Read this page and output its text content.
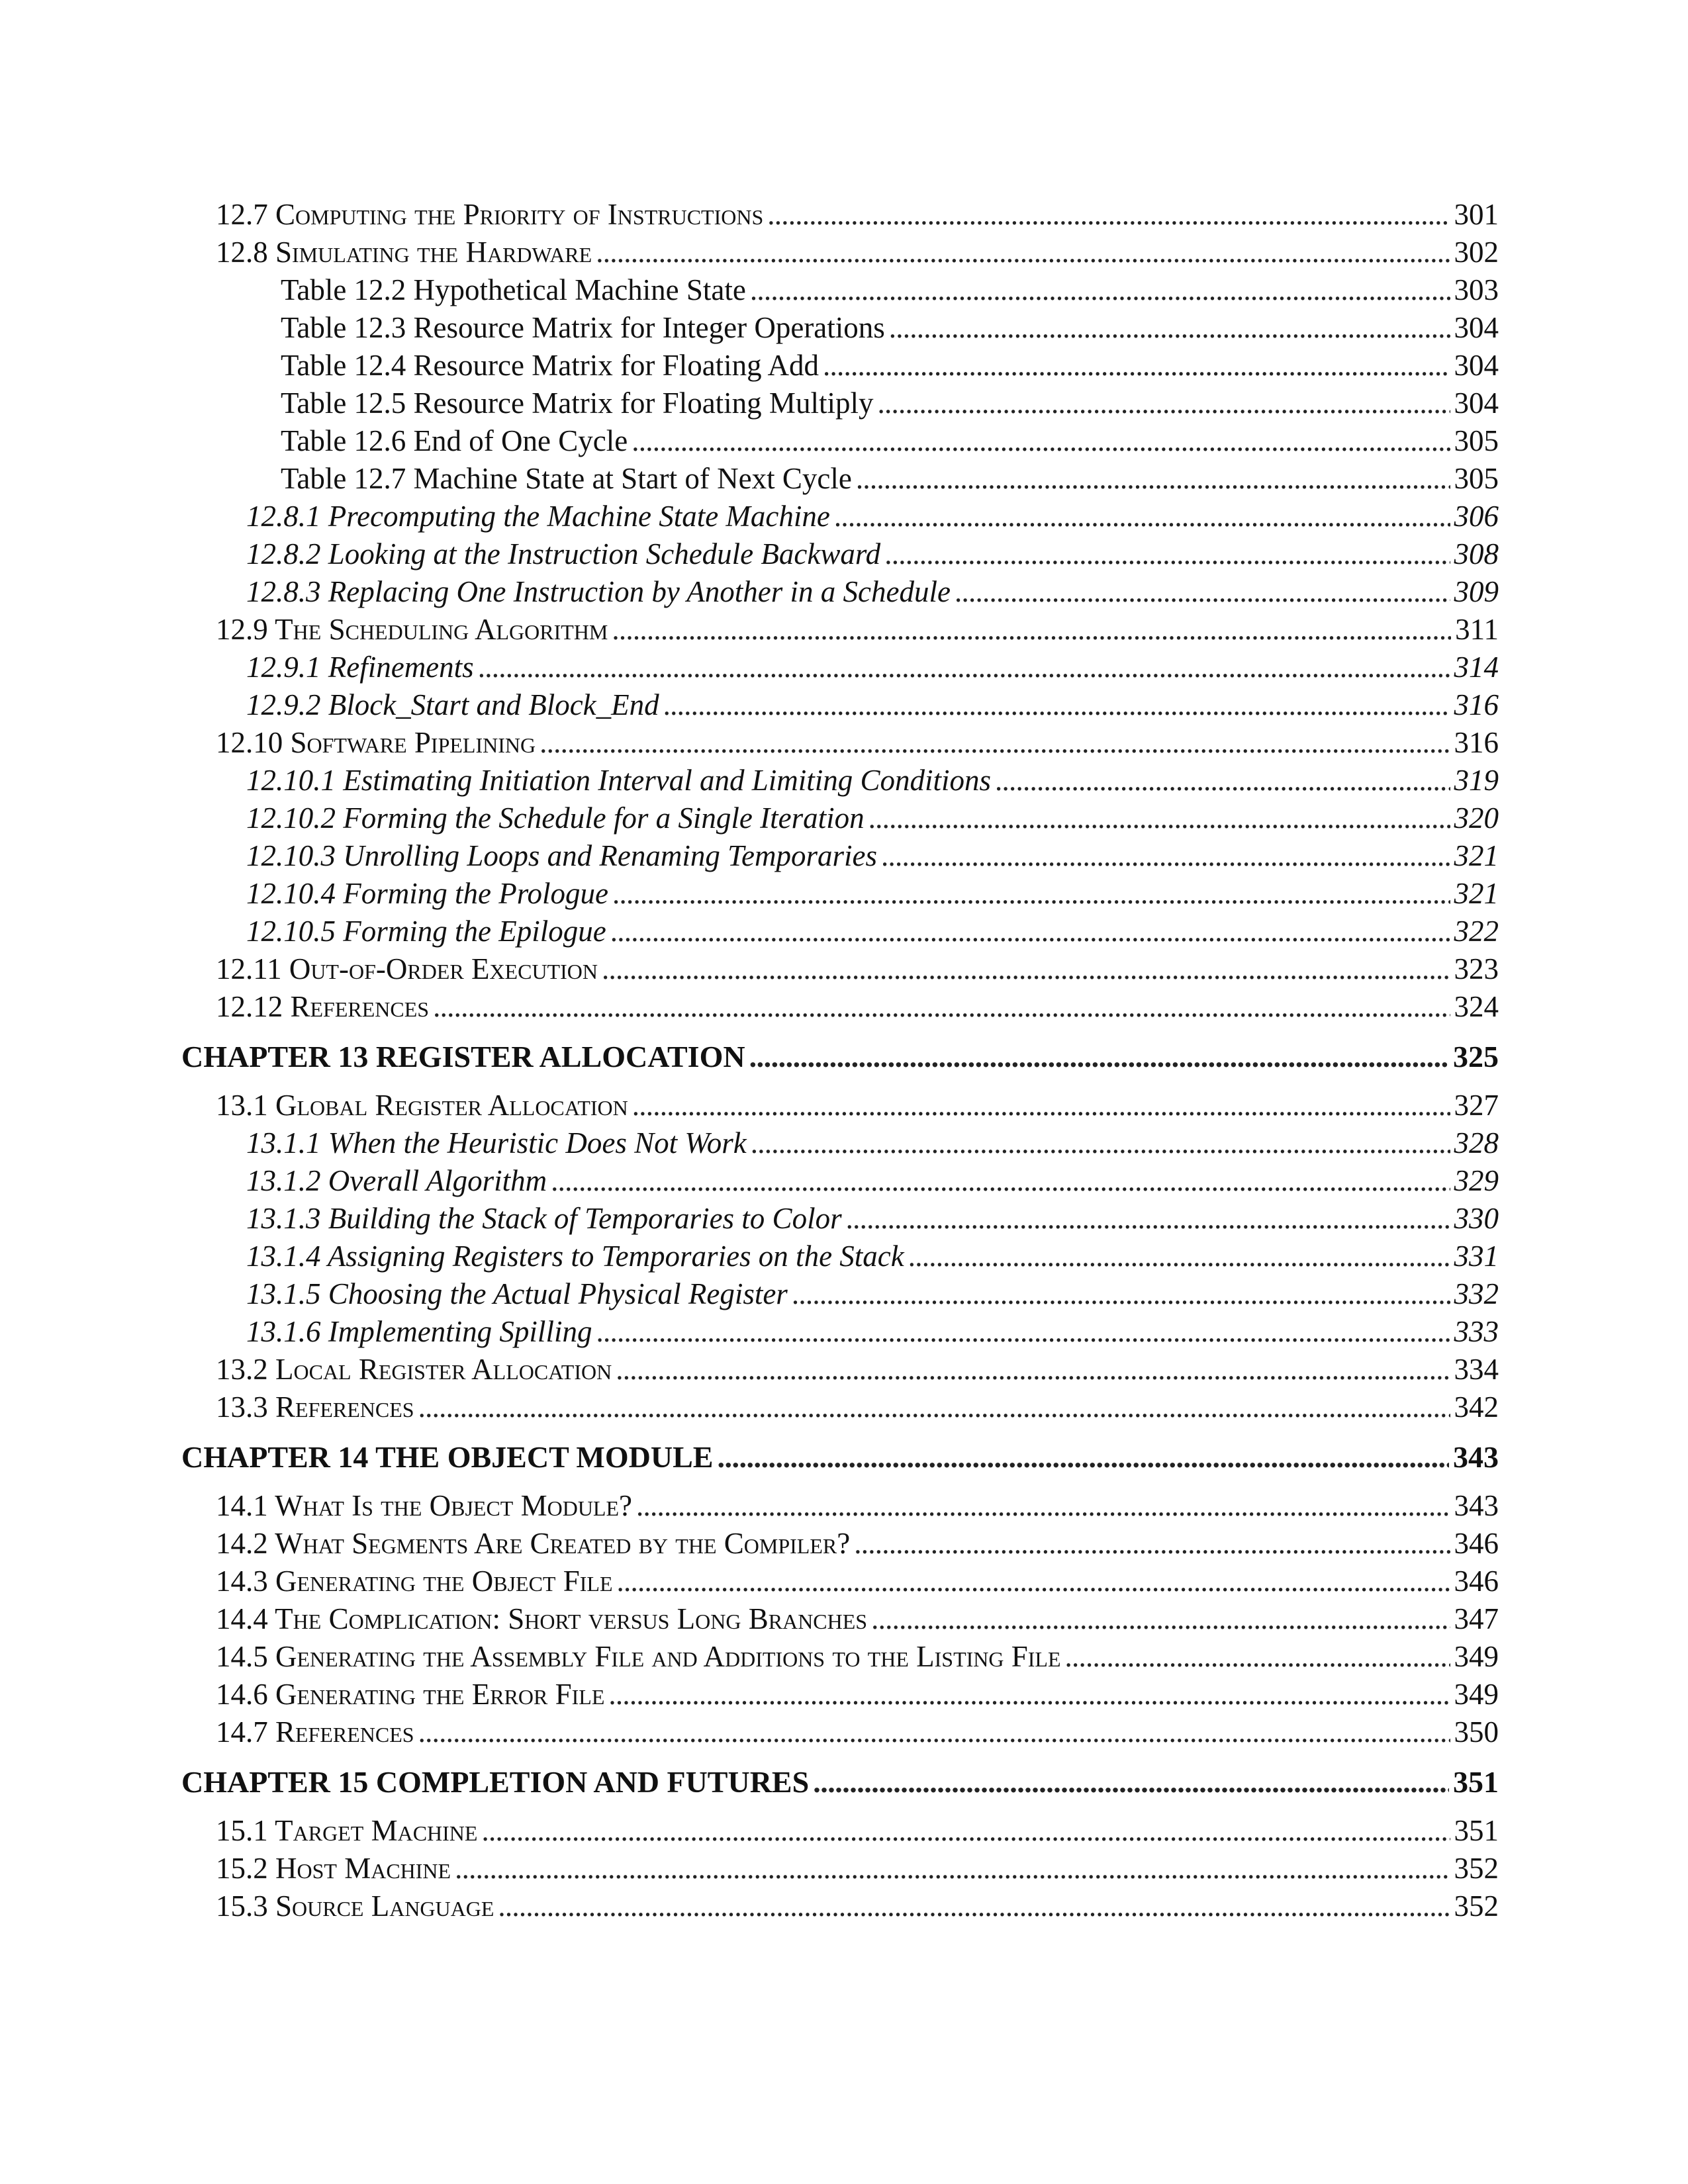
12.7 Computing the Priority of Instructions . . .	301
12.8 Simulating the Hardware . . .	302
Table 12.2 Hypothetical Machine State . . .	303
Table 12.3 Resource Matrix for Integer Operations . . .	304
Table 12.4 Resource Matrix for Floating Add . . .	304
Table 12.5 Resource Matrix for Floating Multiply . . .	304
Table 12.6 End of One Cycle . . .	305
Table 12.7 Machine State at Start of Next Cycle . . .	305
12.8.1 Precomputing the Machine State Machine . . .	306
12.8.2 Looking at the Instruction Schedule Backward . . .	308
12.8.3 Replacing One Instruction by Another in a Schedule . . .	309
12.9 The Scheduling Algorithm . . .	311
12.9.1 Refinements . . .	314
12.9.2 Block_Start and Block_End . . .	316
12.10 Software Pipelining . . .	316
12.10.1 Estimating Initiation Interval and Limiting Conditions . . .	319
12.10.2 Forming the Schedule for a Single Iteration . . .	320
12.10.3 Unrolling Loops and Renaming Temporaries . . .	321
12.10.4 Forming the Prologue . . .	321
12.10.5 Forming the Epilogue . . .	322
12.11 Out-of-Order Execution . . .	323
12.12 References . . .	324
CHAPTER 13 REGISTER ALLOCATION . . .	325
13.1 Global Register Allocation . . .	327
13.1.1 When the Heuristic Does Not Work . . .	328
13.1.2 Overall Algorithm . . .	329
13.1.3 Building the Stack of Temporaries to Color . . .	330
13.1.4 Assigning Registers to Temporaries on the Stack . . .	331
13.1.5 Choosing the Actual Physical Register . . .	332
13.1.6 Implementing Spilling . . .	333
13.2 Local Register Allocation . . .	334
13.3 References . . .	342
CHAPTER 14 THE OBJECT MODULE . . .	343
14.1 What Is the Object Module? . . .	343
14.2 What Segments Are Created by the Compiler? . . .	346
14.3 Generating the Object File . . .	346
14.4 The Complication: Short versus Long Branches . . .	347
14.5 Generating the Assembly File and Additions to the Listing File . . .	349
14.6 Generating the Error File . . .	349
14.7 References . . .	350
CHAPTER 15 COMPLETION AND FUTURES . . .	351
15.1 Target Machine . . .	351
15.2 Host Machine . . .	352
15.3 Source Language . . .	352
